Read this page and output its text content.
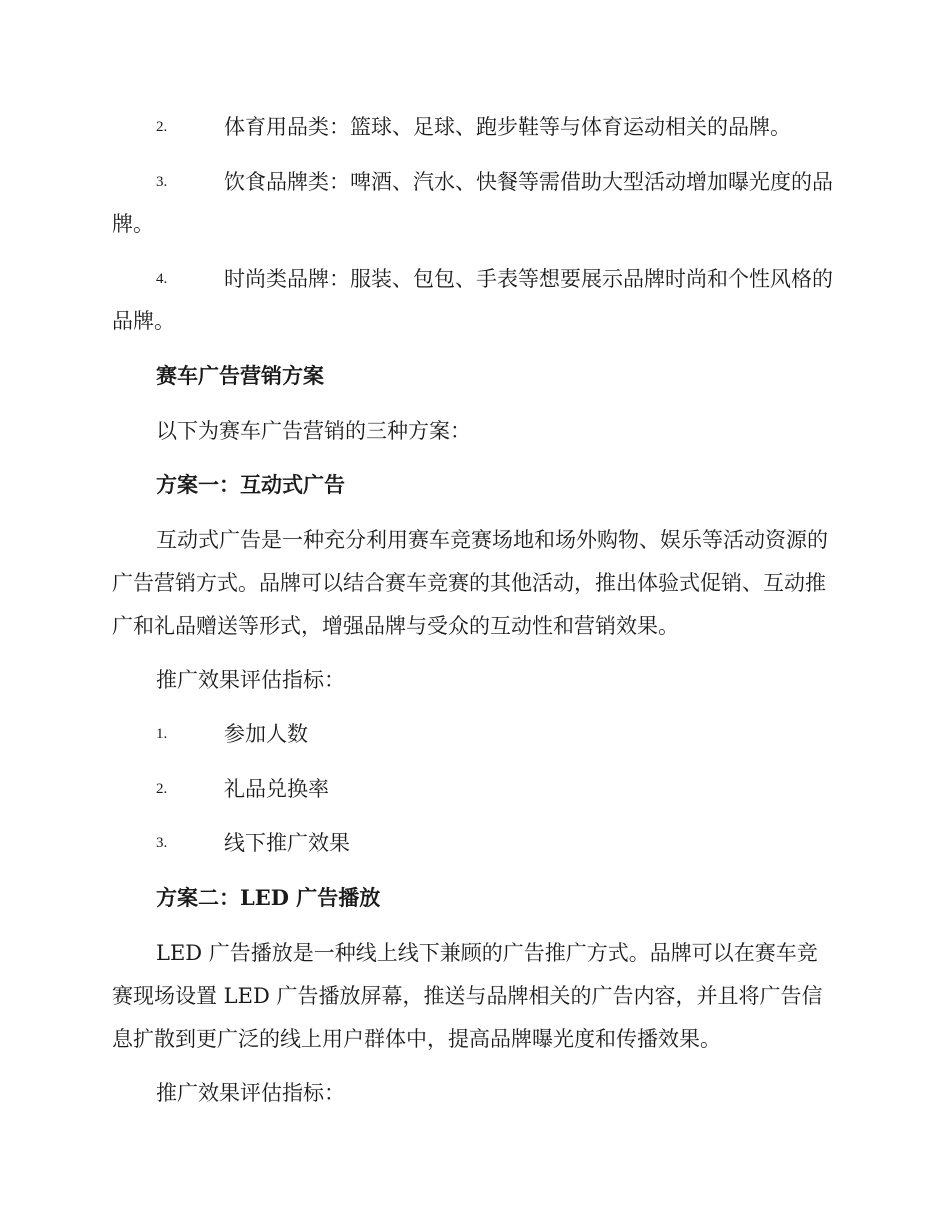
2.	体育用品类：篮球、足球、跑步鞋等与体育运动相关的品牌。
3.	饮食品牌类：啤酒、汽水、快餐等需借助大型活动增加曝光度的品牌。
4.	时尚类品牌：服装、包包、手表等想要展示品牌时尚和个性风格的品牌。
赛车广告营销方案
以下为赛车广告营销的三种方案：
方案一：互动式广告
互动式广告是一种充分利用赛车竞赛场地和场外购物、娱乐等活动资源的广告营销方式。品牌可以结合赛车竞赛的其他活动，推出体验式促销、互动推广和礼品赠送等形式，增强品牌与受众的互动性和营销效果。
推广效果评估指标：
1.	参加人数
2.	礼品兑换率
3.	线下推广效果
方案二：LED 广告播放
LED 广告播放是一种线上线下兼顾的广告推广方式。品牌可以在赛车竞赛现场设置 LED 广告播放屏幕，推送与品牌相关的广告内容，并且将广告信息扩散到更广泛的线上用户群体中，提高品牌曝光度和传播效果。
推广效果评估指标：
